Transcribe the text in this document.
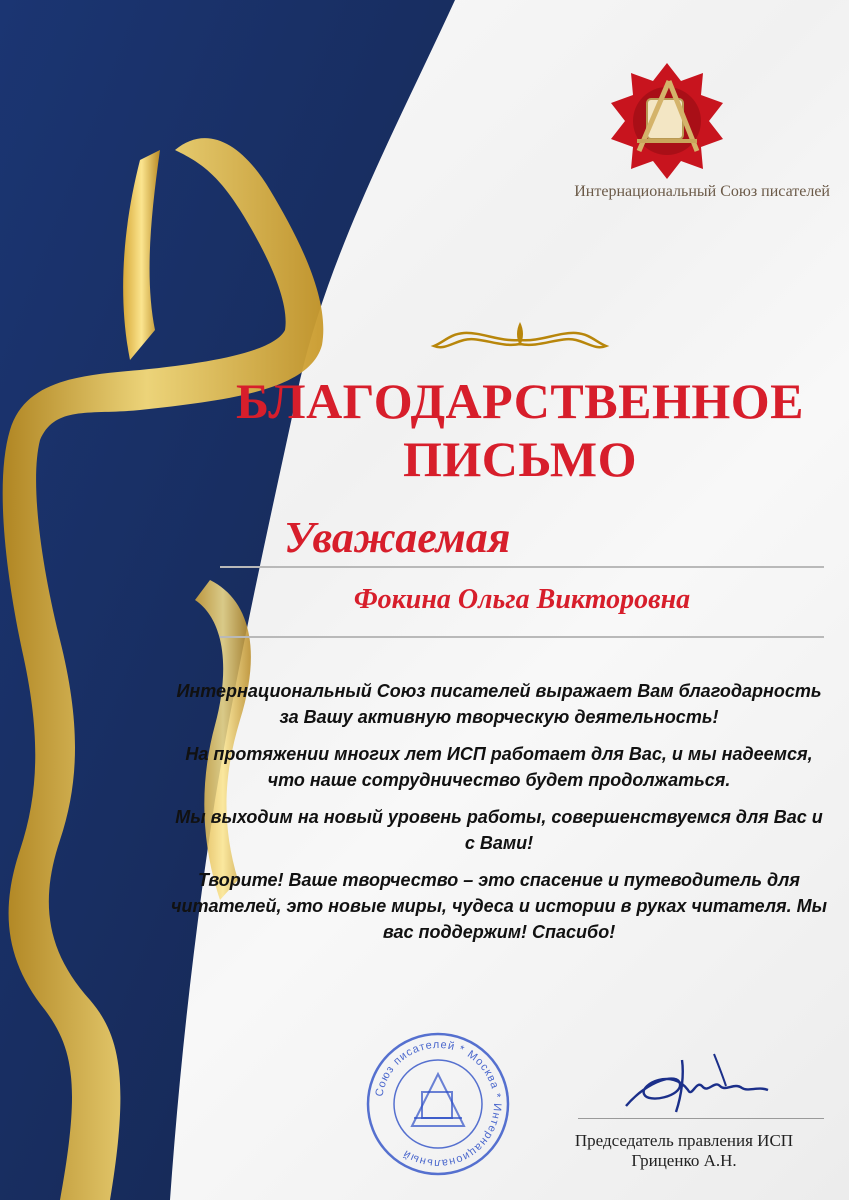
Интернациональный Союз писателей
БЛАГОДАРСТВЕННОЕ
ПИСЬМО
Уважаемая
Фокина Ольга Викторовна

Интернациональный Союз писателей выражает Вам благодарность за Вашу активную творческую деятельность!

На протяжении многих лет ИСП работает для Вас, и мы надеемся, что наше сотрудничество будет продолжаться.

Мы выходим на новый уровень работы, совершенствуемся для Вас и с Вами!

Творите! Ваше творчество – это спасение и путеводитель для читателей, это новые миры, чудеса и истории в руках читателя. Мы вас поддержим! Спасибо!

Союз писателей * Москва * Интернациональный
Председатель правления ИСП
Гриценко А.Н.
